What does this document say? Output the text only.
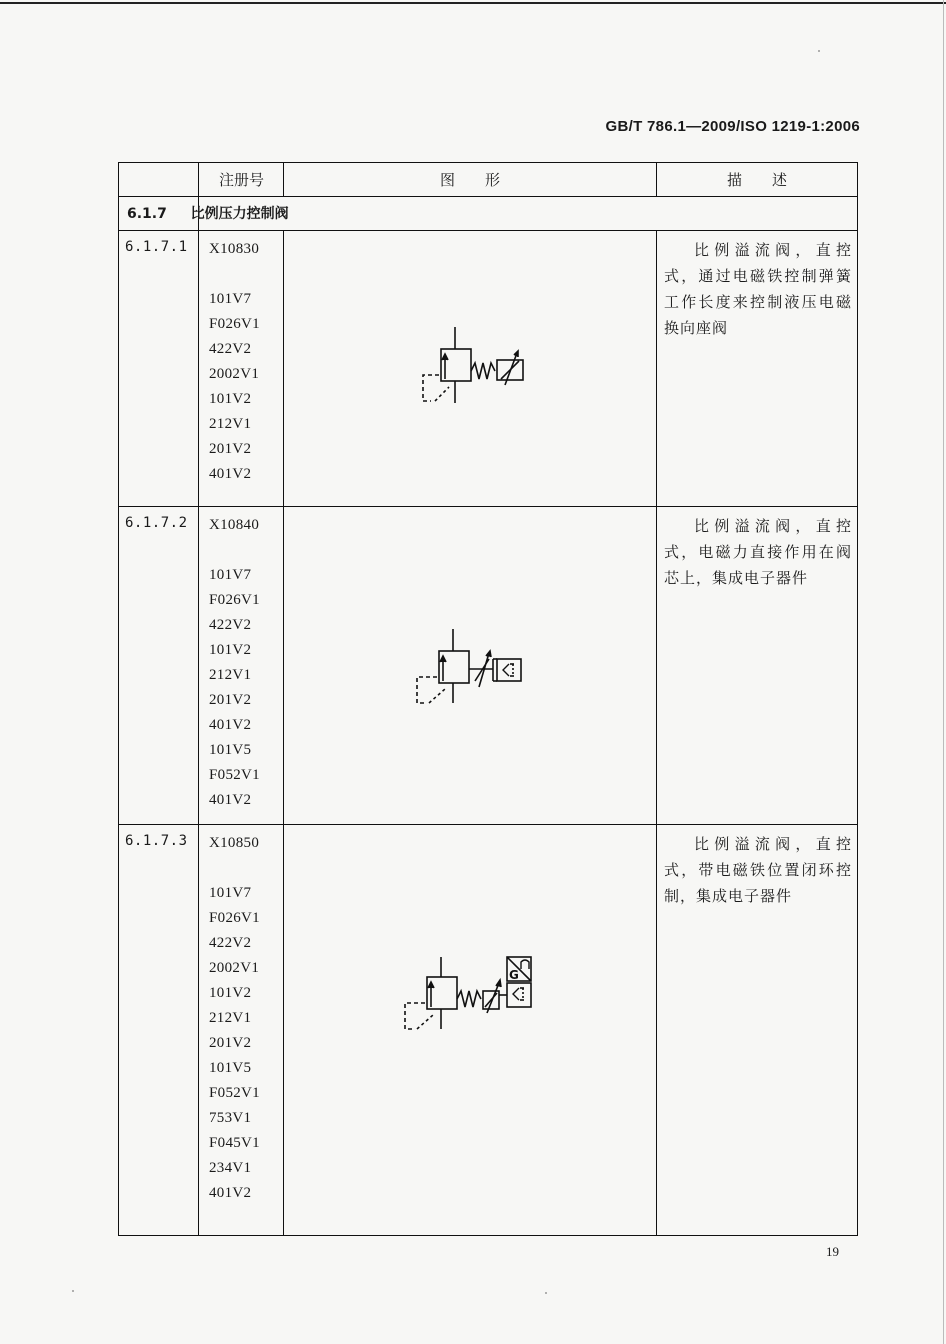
GB/T 786.1—2009/ISO 1219-1:2006
注册号	图　　形	描　　述
6.1.7 比例压力控制阀
6.1.7.1 X10830
101V7
F026V1
422V2
2002V1
101V2
212V1
201V2
401V2
比例溢流阀，直控式，通过电磁铁控制弹簧工作长度来控制液压电磁换向座阀
6.1.7.2 X10840
101V7
F026V1
422V2
101V2
212V1
201V2
401V2
101V5
F052V1
401V2
比例溢流阀，直控式，电磁力直接作用在阀芯上，集成电子器件
6.1.7.3 X10850
101V7
F026V1
422V2
2002V1
101V2
212V1
201V2
101V5
F052V1
753V1
F045V1
234V1
401V2
G
比例溢流阀，直控式，带电磁铁位置闭环控制，集成电子器件
19
